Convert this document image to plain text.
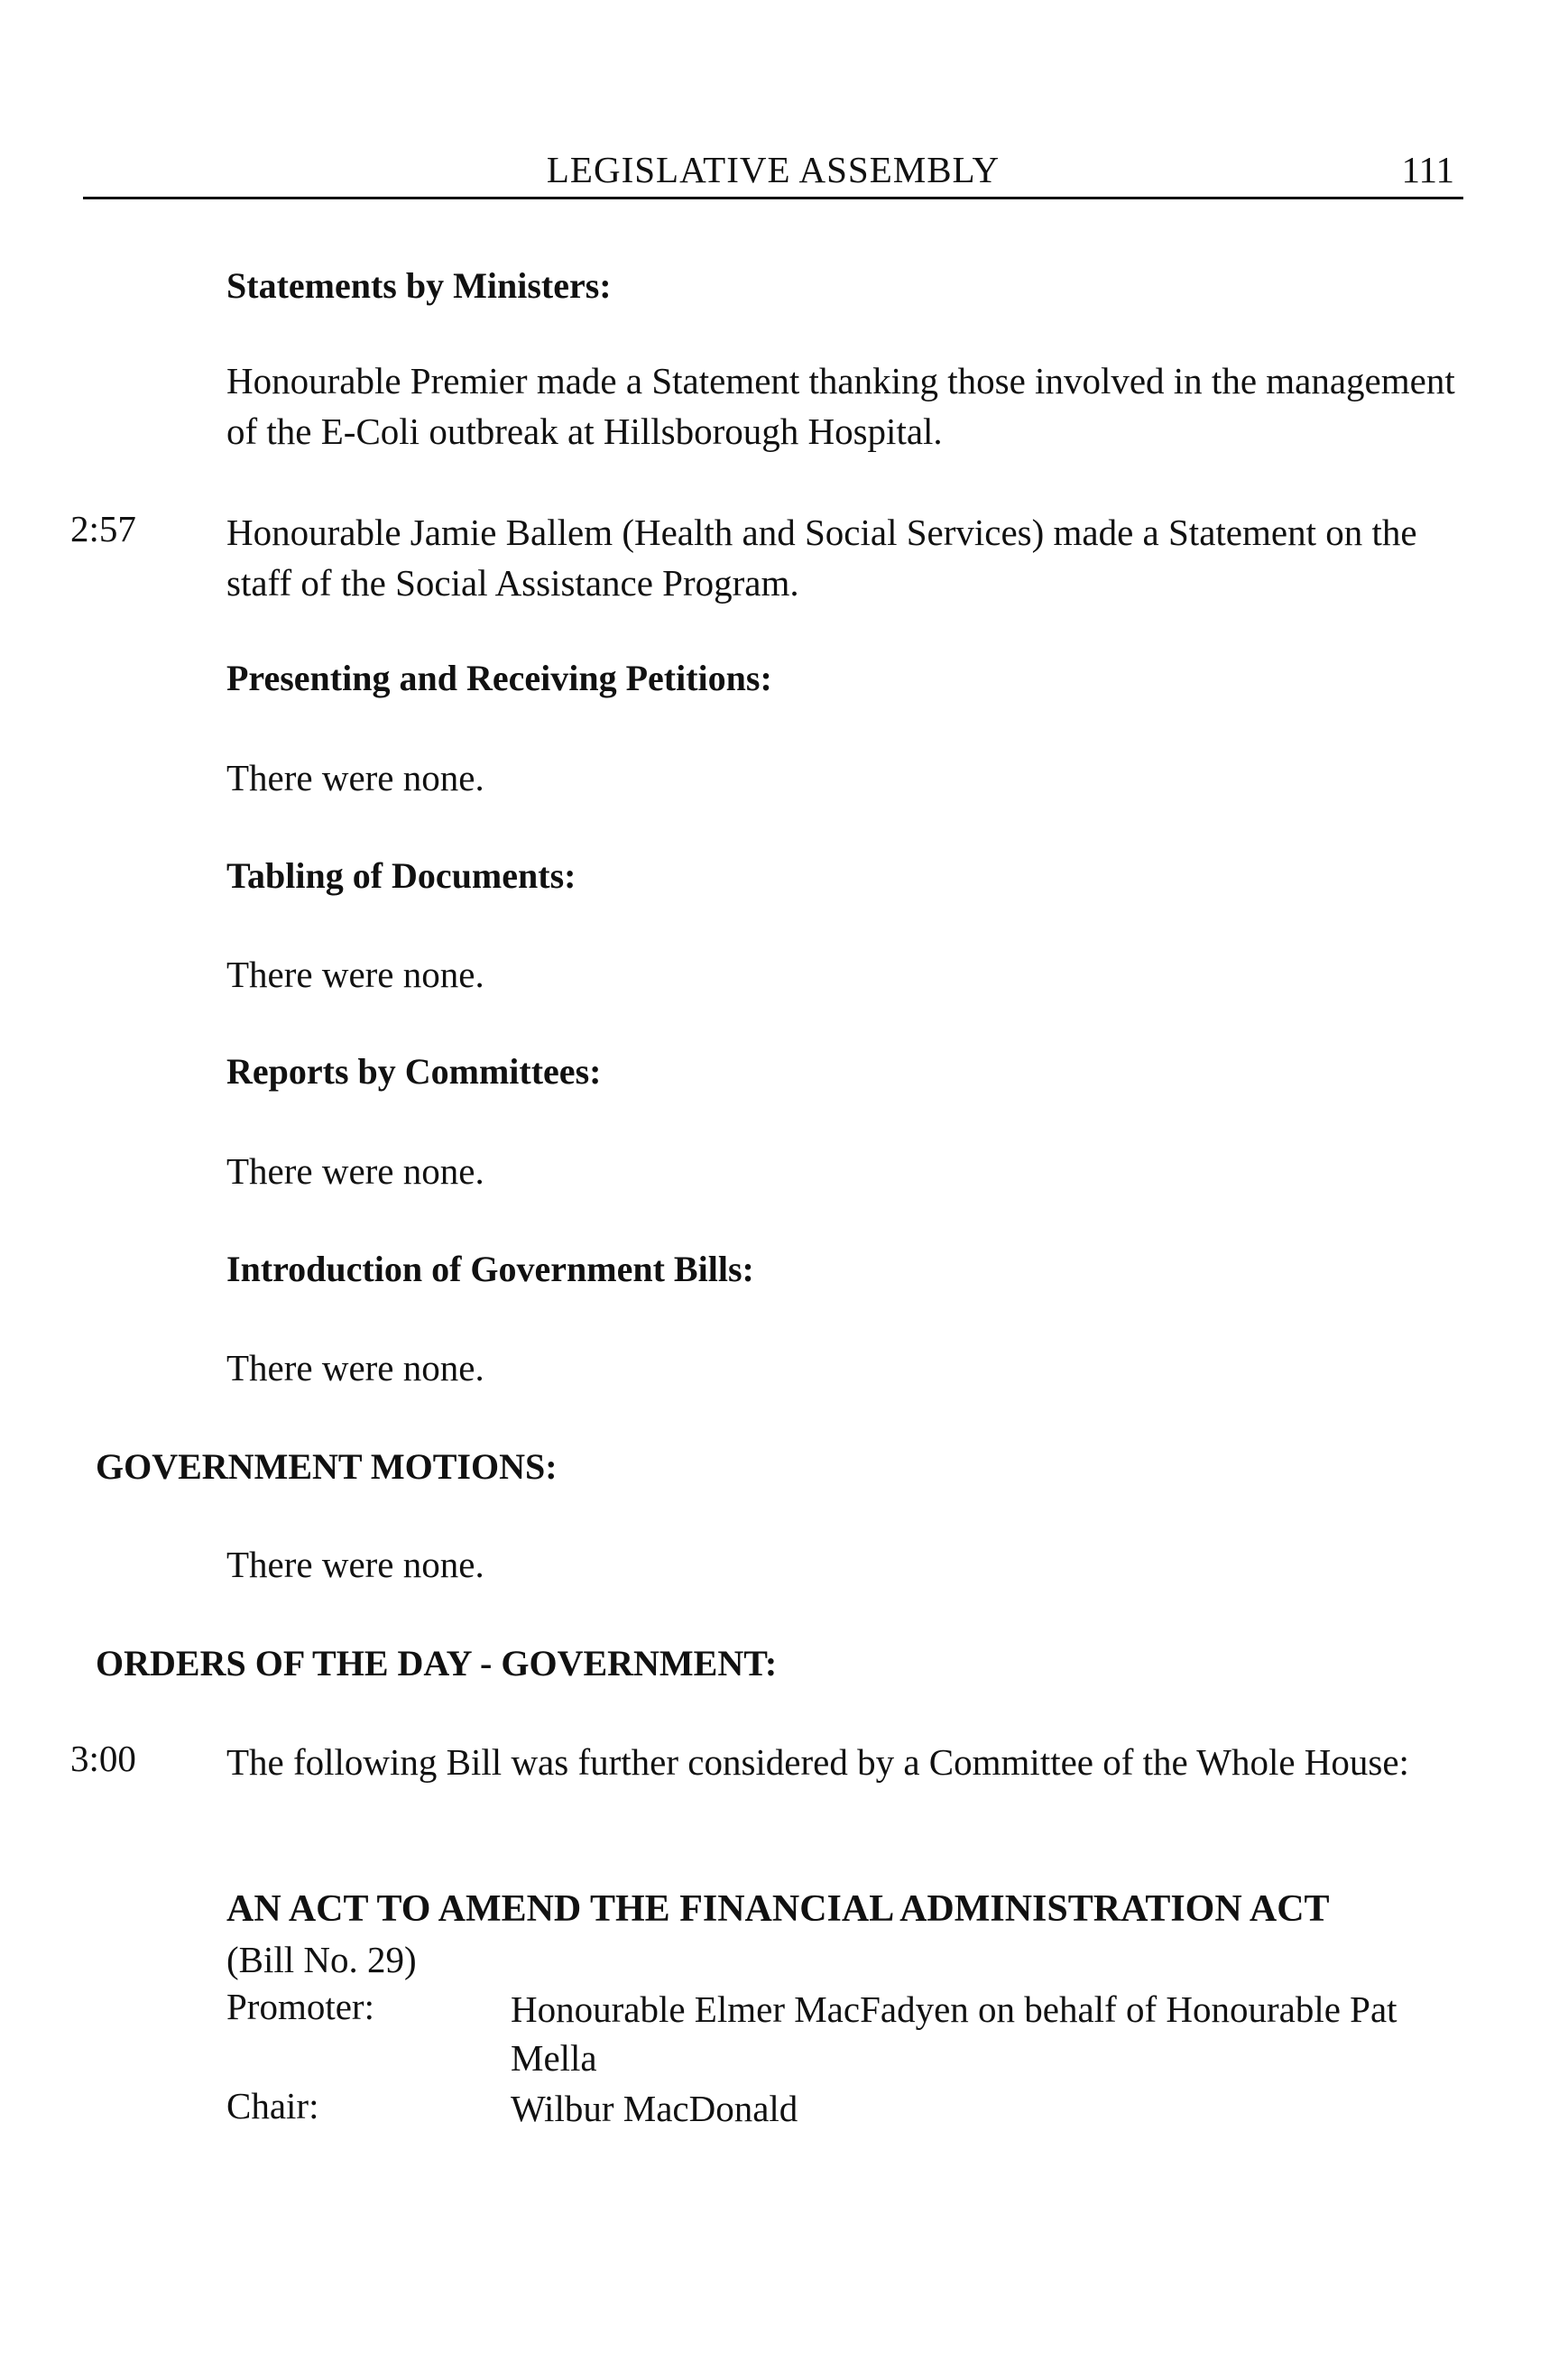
LEGISLATIVE ASSEMBLY	111
Statements by Ministers:
Honourable Premier made a Statement thanking those involved in the management of the E-Coli outbreak at Hillsborough Hospital.
2:57 Honourable Jamie Ballem (Health and Social Services) made a Statement on the staff of the Social Assistance Program.
Presenting and Receiving Petitions:
There were none.
Tabling of Documents:
There were none.
Reports by Committees:
There were none.
Introduction of Government Bills:
There were none.
GOVERNMENT MOTIONS:
There were none.
ORDERS OF THE DAY - GOVERNMENT:
3:00 The following Bill was further considered by a Committee of the Whole House:
AN ACT TO AMEND THE FINANCIAL ADMINISTRATION ACT
(Bill No. 29)
Promoter:	Honourable Elmer MacFadyen on behalf of Honourable Pat Mella
Chair:	Wilbur MacDonald
